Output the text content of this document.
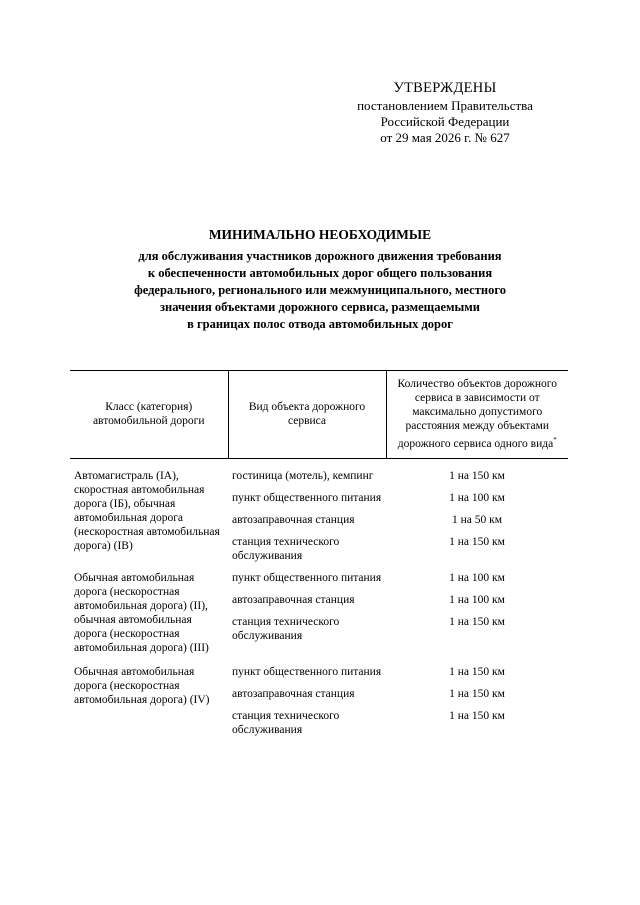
УТВЕРЖДЕНЫ
постановлением Правительства
Российской Федерации
от 29 мая 2026 г. № 627
МИНИМАЛЬНО НЕОБХОДИМЫЕ
для обслуживания участников дорожного движения требования
к обеспеченности автомобильных дорог общего пользования
федерального, регионального или межмуниципального, местного
значения объектами дорожного сервиса, размещаемыми
в границах полос отвода автомобильных дорог
Класс (категория) автомобильной дороги	Вид объекта дорожного сервиса	Количество объектов дорожного сервиса в зависимости от максимально допустимого расстояния между объектами дорожного сервиса одного вида*

Автомагистраль (IA), скоростная автомобильная дорога (IБ), обычная автомобильная дорога (нескоростная автомобильная дорога) (IB)	гостиница (мотель), кемпинг	1 на 150 км
	пункт общественного питания	1 на 100 км
	автозаправочная станция	1 на 50 км
	станция технического обслуживания	1 на 150 км
Обычная автомобильная дорога (нескоростная автомобильная дорога) (II), обычная автомобильная дорога (нескоростная автомобильная дорога) (III)	пункт общественного питания	1 на 100 км
	автозаправочная станция	1 на 100 км
	станция технического обслуживания	1 на 150 км
Обычная автомобильная дорога (нескоростная автомобильная дорога) (IV)	пункт общественного питания	1 на 150 км
	автозаправочная станция	1 на 150 км
	станция технического обслуживания	1 на 150 км
